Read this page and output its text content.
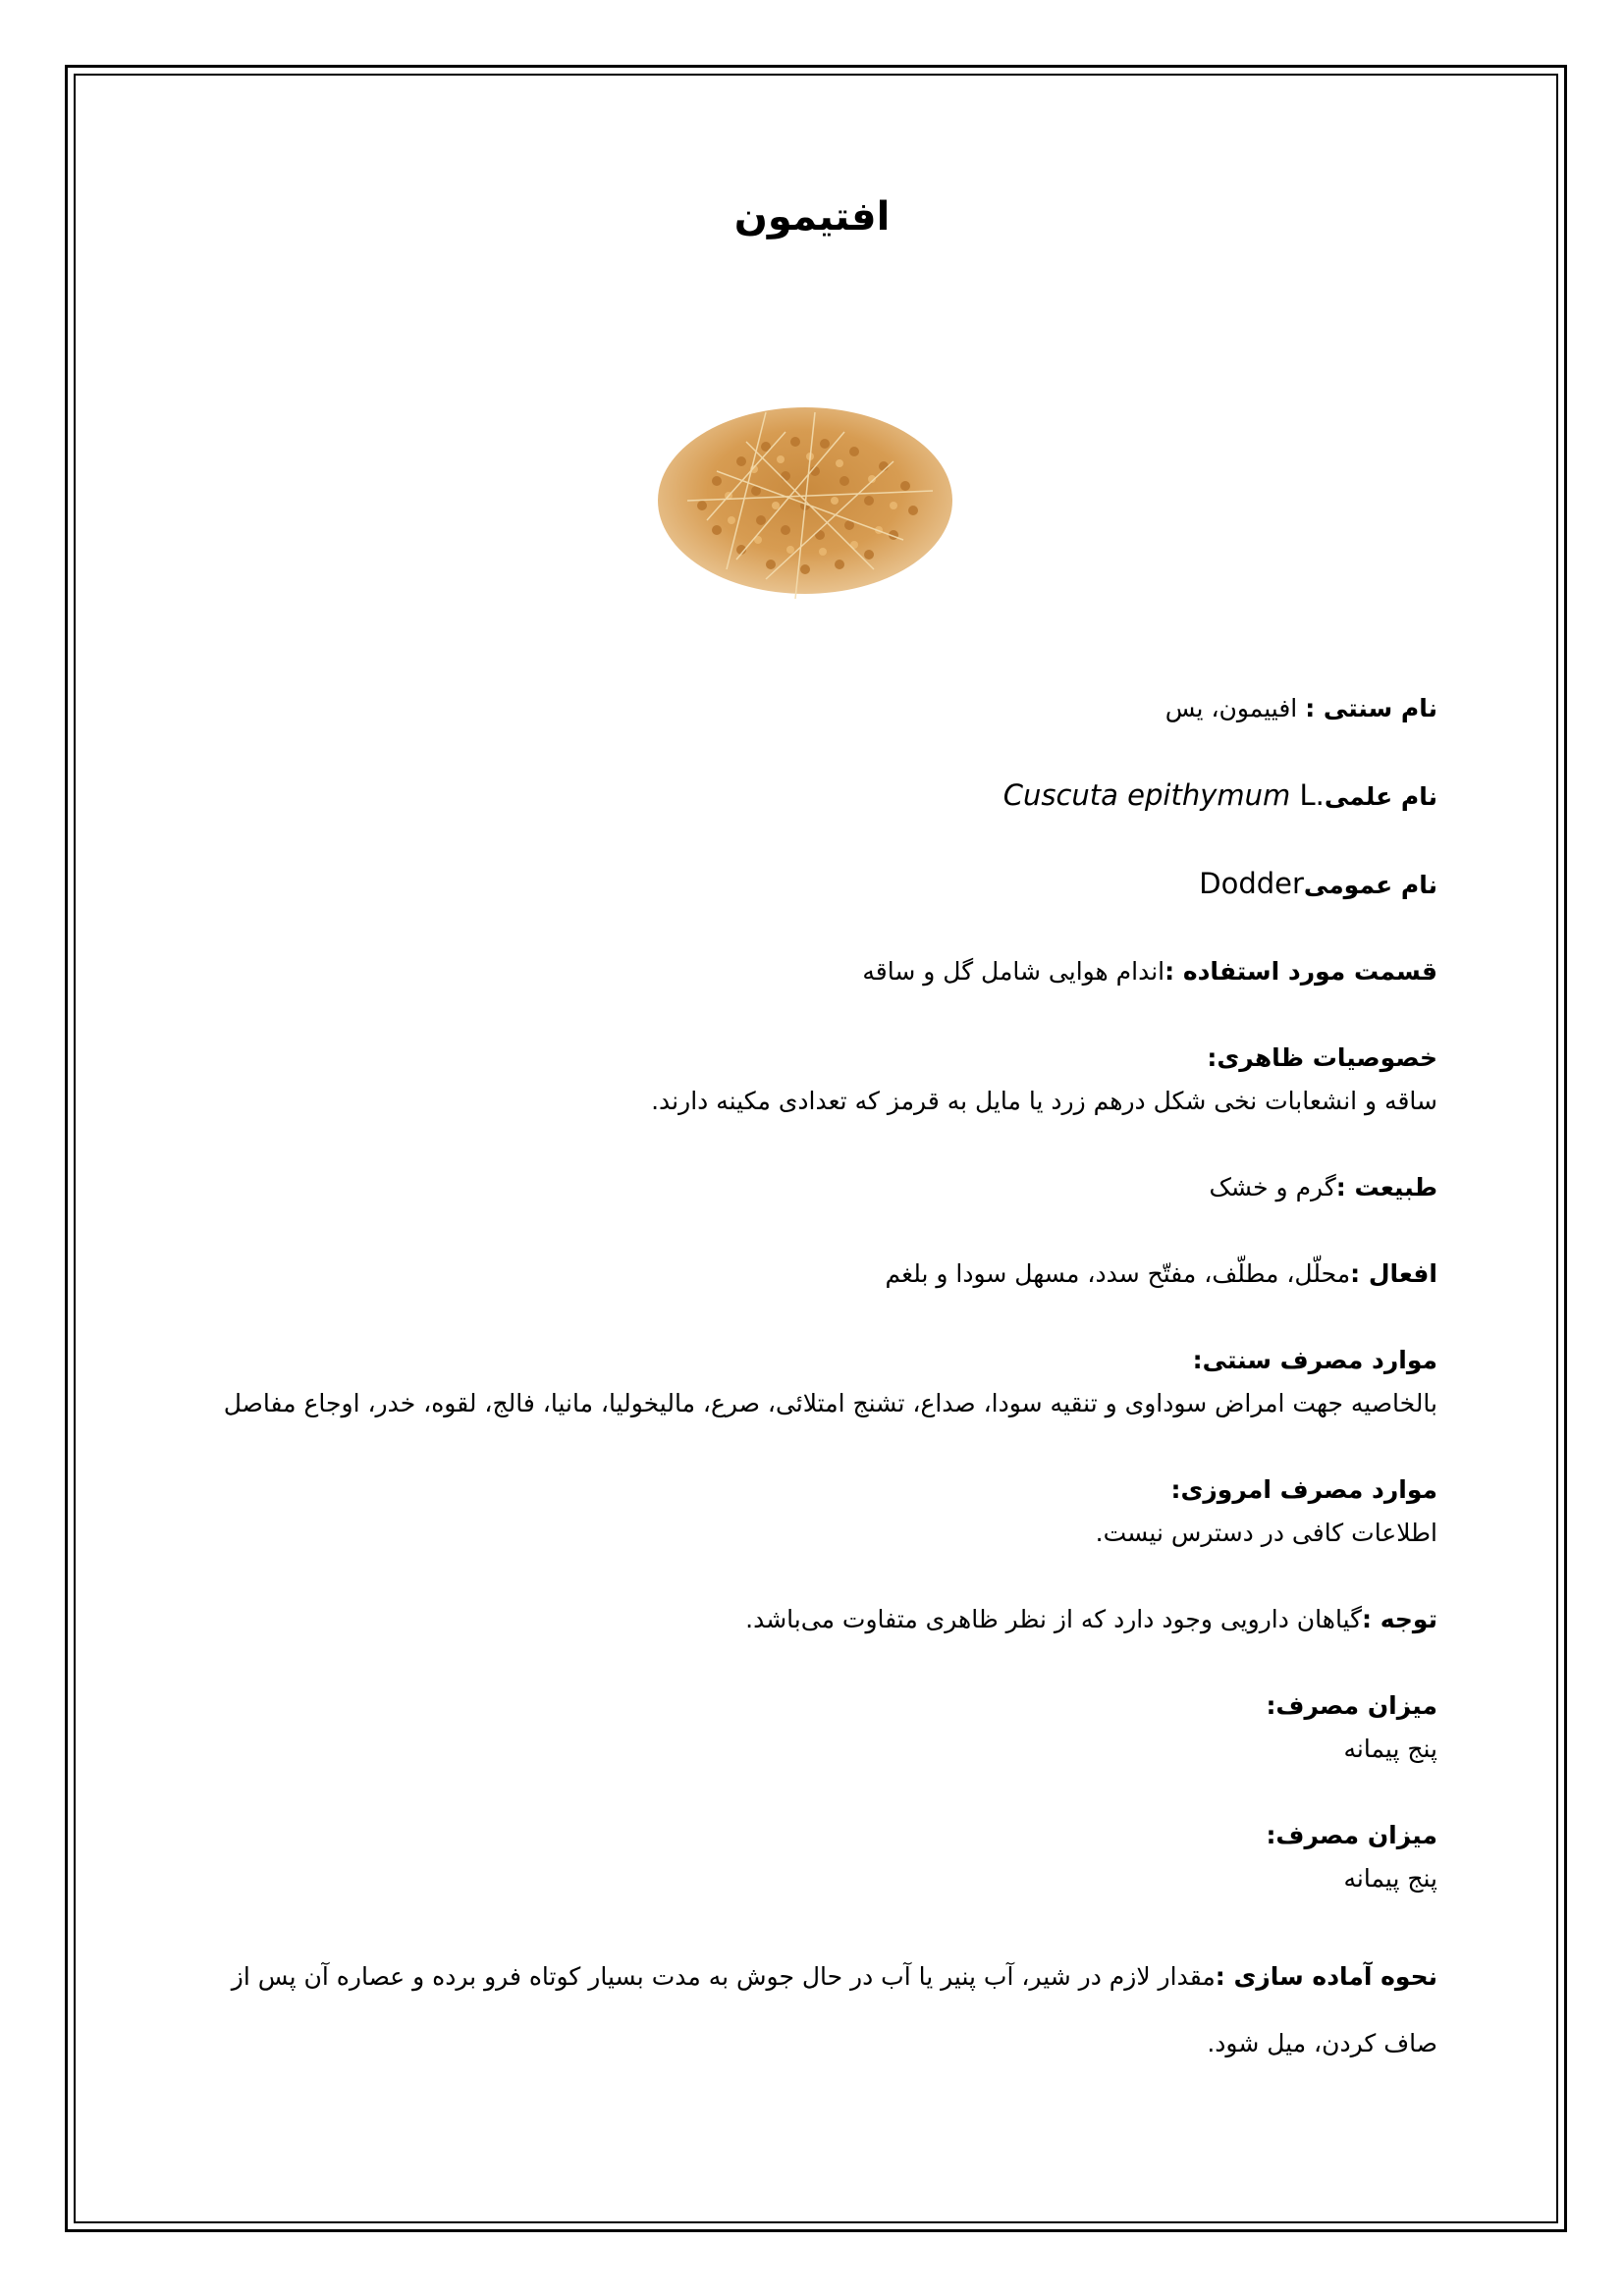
افتیمون

نام سنتی : افییمون، یس

نام علمیCuscuta epithymum L.

نام عمومیDodder

قسمت مورد استفاده :اندام هوایی شامل گل و ساقه

خصوصیات ظاهری:

ساقه و انشعابات نخی شکل درهم زرد یا مایل به قرمز که تعدادی مکینه دارند.

طبیعت :گرم و خشک

افعال :محلّل، مطلّف، مفتّح سدد، مسهل سودا و بلغم

موارد مصرف سنتی:

بالخاصیه جهت امراض سوداوی و تنقیه سودا، صداع، تشنج امتلائی، صرع، مالیخولیا، مانیا، فالج، لقوه، خدر، اوجاع مفاصل

موارد مصرف امروزی:

اطلاعات کافی در دسترس نیست.

توجه :گیاهان دارویی وجود دارد که از نظر ظاهری متفاوت می‌باشد.

میزان مصرف:

پنج پیمانه

میزان مصرف:

پنج پیمانه

نحوه آماده سازی :مقدار لازم در شیر، آب پنیر یا آب در حال جوش به مدت بسیار کوتاه فرو برده و عصاره آن پس از صاف کردن، میل شود.
